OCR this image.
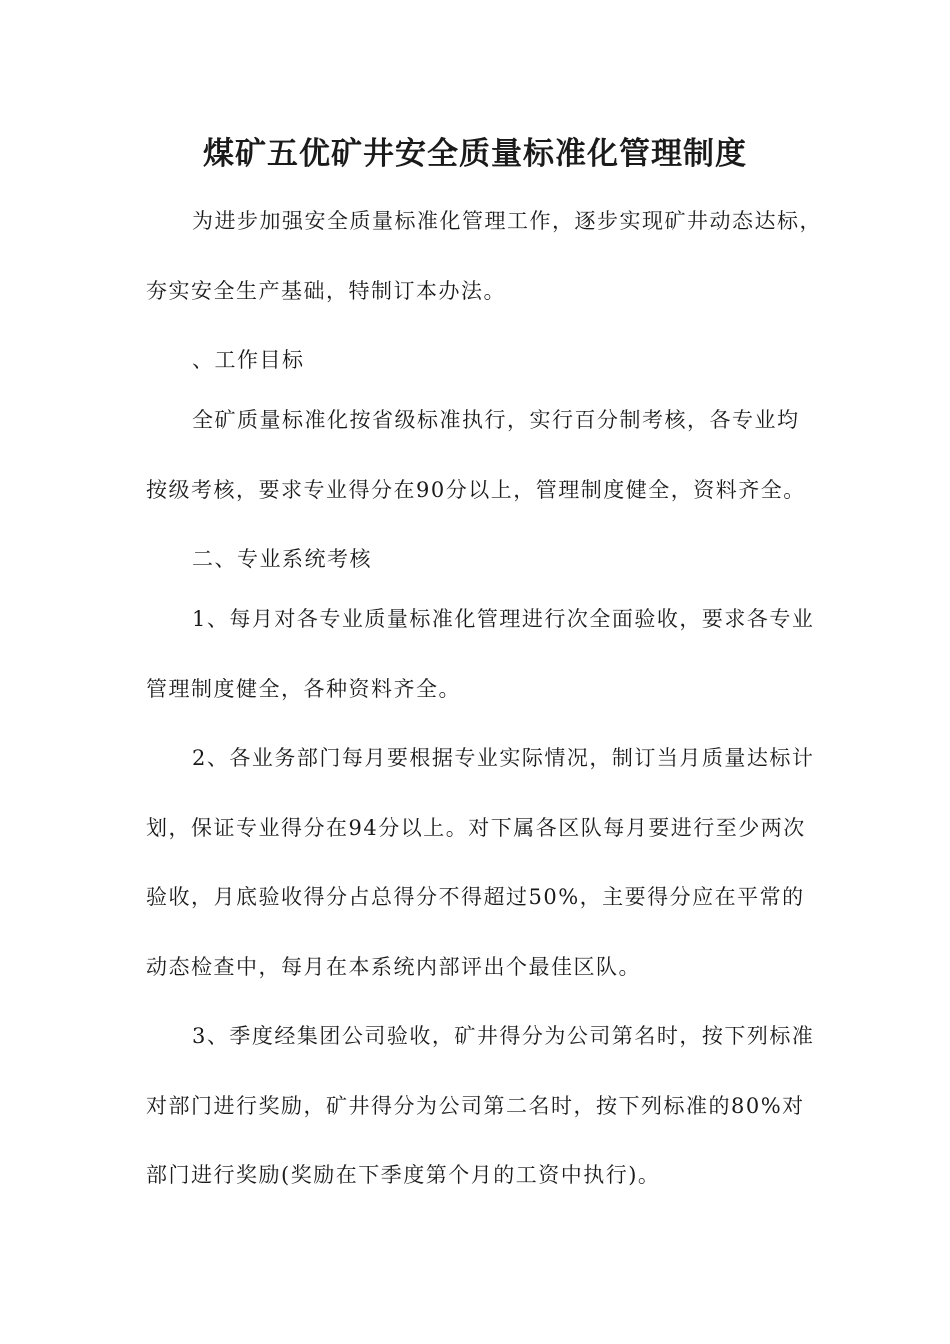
煤矿五优矿井安全质量标准化管理制度
为进步加强安全质量标准化管理工作，逐步实现矿井动态达标，
夯实安全生产基础，特制订本办法。
、工作目标
全矿质量标准化按省级标准执行，实行百分制考核，各专业均
按级考核，要求专业得分在90分以上，管理制度健全，资料齐全。
二、专业系统考核
1、每月对各专业质量标准化管理进行次全面验收，要求各专业
管理制度健全，各种资料齐全。
2、各业务部门每月要根据专业实际情况，制订当月质量达标计
划，保证专业得分在94分以上。对下属各区队每月要进行至少两次
验收，月底验收得分占总得分不得超过50%，主要得分应在平常的
动态检查中，每月在本系统内部评出个最佳区队。
3、季度经集团公司验收，矿井得分为公司第名时，按下列标准
对部门进行奖励，矿井得分为公司第二名时，按下列标准的80%对
部门进行奖励(奖励在下季度第个月的工资中执行)。
